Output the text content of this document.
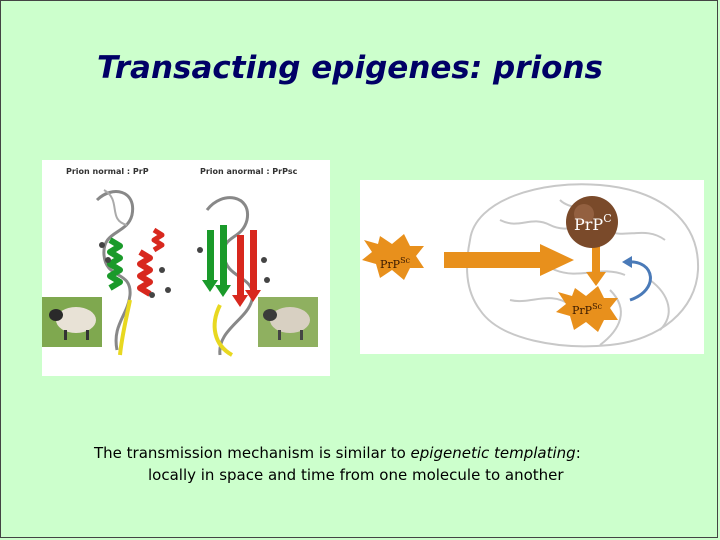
Transacting epigenes: prions
Prion normal : PrP	Prion anormal : PrPsc
PrP$^C$
PrP$^{Sc}$
PrP$^{Sc}$
The transmission mechanism is similar to epigenetic templating:
locally in space and time from one molecule to another
